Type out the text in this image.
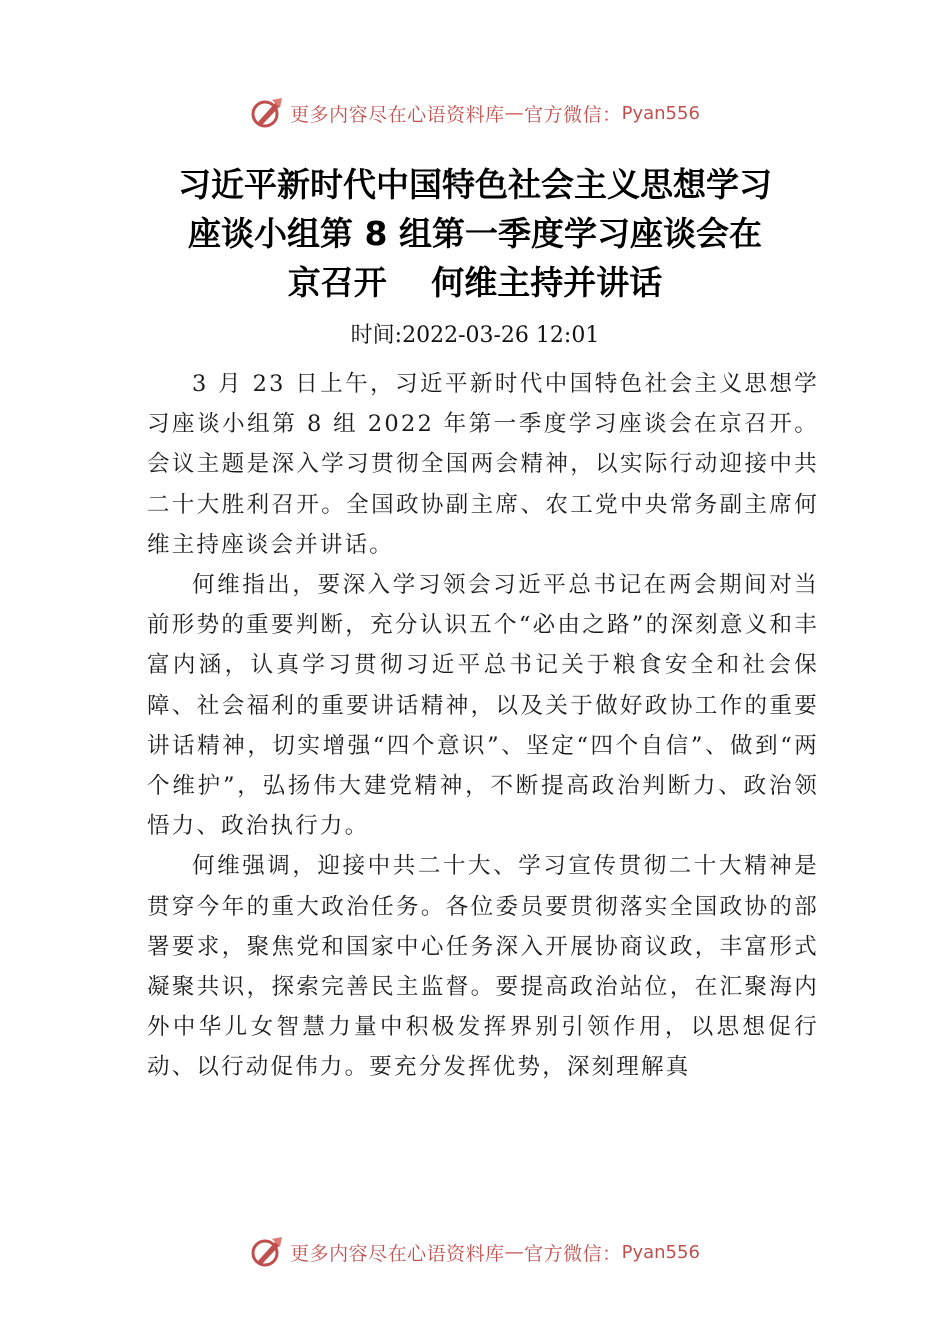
更多内容尽在心语资料库 — 官方微信： Pyan556
习近平新时代中国特色社会主义思想学习
座谈小组第 8 组第一季度学习座谈会在
京召开　 何维主持并讲话
时间:2022-03-26 12:01

3 月 23 日上午，习近平新时代中国特色社会主义思想学习座谈小组第 8 组 2022 年第一季度学习座谈会在京召开。会议主题是深入学习贯彻全国两会精神，以实际行动迎接中共二十大胜利召开。全国政协副主席、农工党中央常务副主席何维主持座谈会并讲话。

何维指出，要深入学习领会习近平总书记在两会期间对当前形势的重要判断，充分认识五个“必由之路”的深刻意义和丰富内涵，认真学习贯彻习近平总书记关于粮食安全和社会保障、社会福利的重要讲话精神，以及关于做好政协工作的重要讲话精神，切实增强“四个意识”、坚定“四个自信”、做到“两个维护”，弘扬伟大建党精神，不断提高政治判断力、政治领悟力、政治执行力。

何维强调，迎接中共二十大、学习宣传贯彻二十大精神是贯穿今年的重大政治任务。各位委员要贯彻落实全国政协的部署要求，聚焦党和国家中心任务深入开展协商议政，丰富形式凝聚共识，探索完善民主监督。要提高政治站位，在汇聚海内外中华儿女智慧力量中积极发挥界别引领作用，以思想促行动、以行动促伟力。要充分发挥优势，深刻理解真

更多内容尽在心语资料库 — 官方微信： Pyan556
